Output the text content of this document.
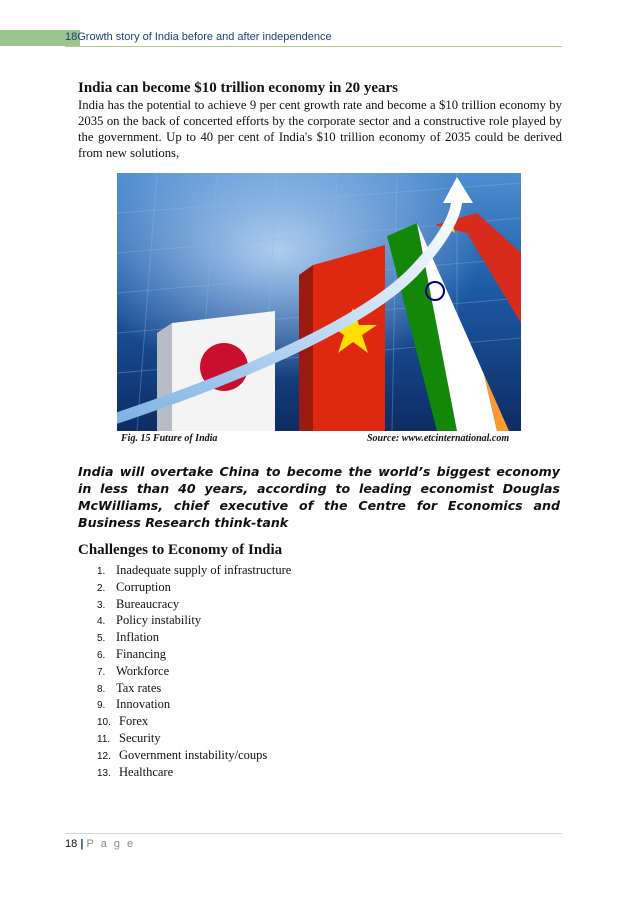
18Growth story of India before and after independence
India can become $10 trillion economy in 20 years
India has the potential to achieve 9 per cent growth rate and become a $10 trillion economy by 2035 on the back of concerted efforts by the corporate sector and a constructive role played by the government. Up to 40 per cent of India's $10 trillion economy of 2035 could be derived from new solutions,
Fig. 15 Future of India	Source: www.etcinternational.com
India will overtake China to become the world’s biggest economy in less than 40 years, according to leading economist Douglas McWilliams, chief executive of the Centre for Economics and Business Research think-tank
Challenges to Economy of India
1. Inadequate supply of infrastructure
2. Corruption
3. Bureaucracy
4. Policy instability
5. Inflation
6. Financing
7. Workforce
8. Tax rates
9. Innovation
10. Forex
11. Security
12. Government instability/coups
13. Healthcare
18 | P a g e
